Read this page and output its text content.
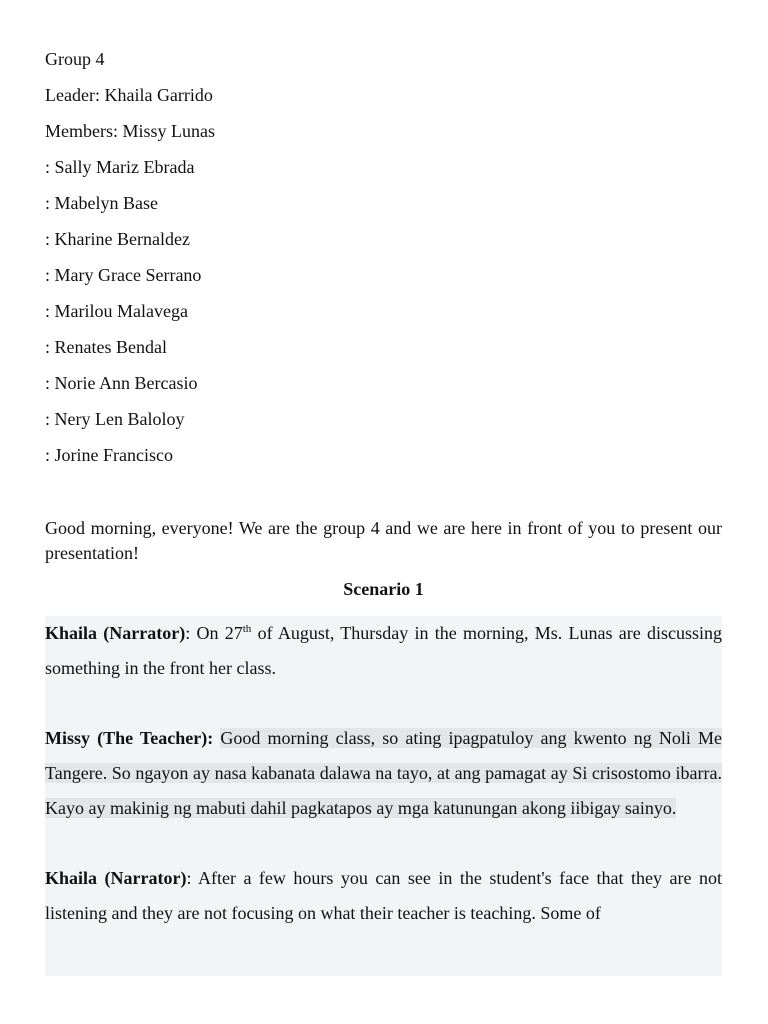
Group 4
Leader: Khaila Garrido
Members: Missy Lunas
: Sally Mariz Ebrada
: Mabelyn Base
: Kharine Bernaldez
: Mary Grace Serrano
: Marilou Malavega
: Renates Bendal
: Norie Ann Bercasio
: Nery Len Baloloy
: Jorine Francisco
Good morning, everyone! We are the group 4 and we are here in front of you to present our presentation!
Scenario 1
Khaila (Narrator): On 27th of August, Thursday in the morning, Ms. Lunas are discussing something in the front her class.
Missy (The Teacher): Good morning class, so ating ipagpatuloy ang kwento ng Noli Me Tangere. So ngayon ay nasa kabanata dalawa na tayo, at ang pamagat ay Si crisostomo ibarra. Kayo ay makinig ng mabuti dahil pagkatapos ay mga katunungan akong iibigay sainyo.
Khaila (Narrator): After a few hours you can see in the student's face that they are not listening and they are not focusing on what their teacher is teaching. Some of
